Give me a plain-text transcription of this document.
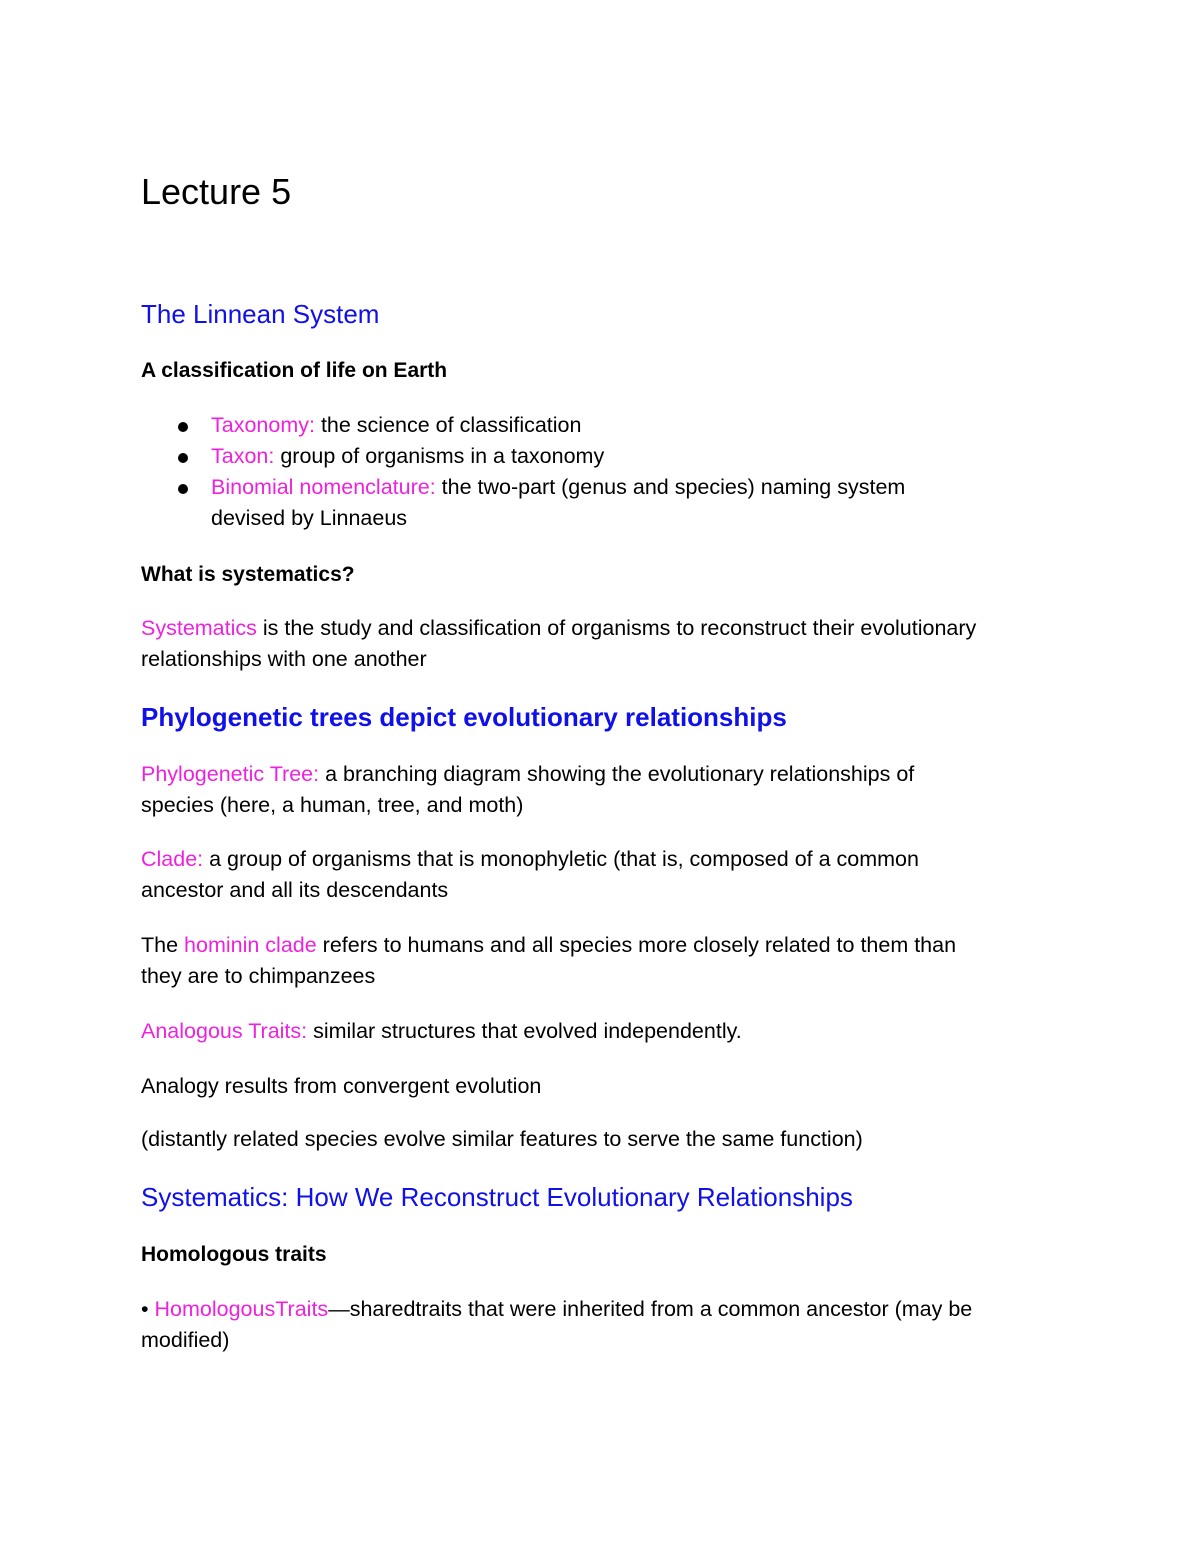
Lecture 5
The Linnean System
A classification of life on Earth
Taxonomy: the science of classification
Taxon: group of organisms in a taxonomy
Binomial nomenclature: the two-part (genus and species) naming system
devised by Linnaeus
What is systematics?
Systematics is the study and classification of organisms to reconstruct their evolutionary
relationships with one another
Phylogenetic trees depict evolutionary relationships
Phylogenetic Tree: a branching diagram showing the evolutionary relationships of
species (here, a human, tree, and moth)
Clade: a group of organisms that is monophyletic (that is, composed of a common
ancestor and all its descendants
The hominin clade refers to humans and all species more closely related to them than
they are to chimpanzees
Analogous Traits: similar structures that evolved independently.
Analogy results from convergent evolution
(distantly related species evolve similar features to serve the same function)
Systematics: How We Reconstruct Evolutionary Relationships
Homologous traits
• HomologousTraits—sharedtraits that were inherited from a common ancestor (may be
modified)
